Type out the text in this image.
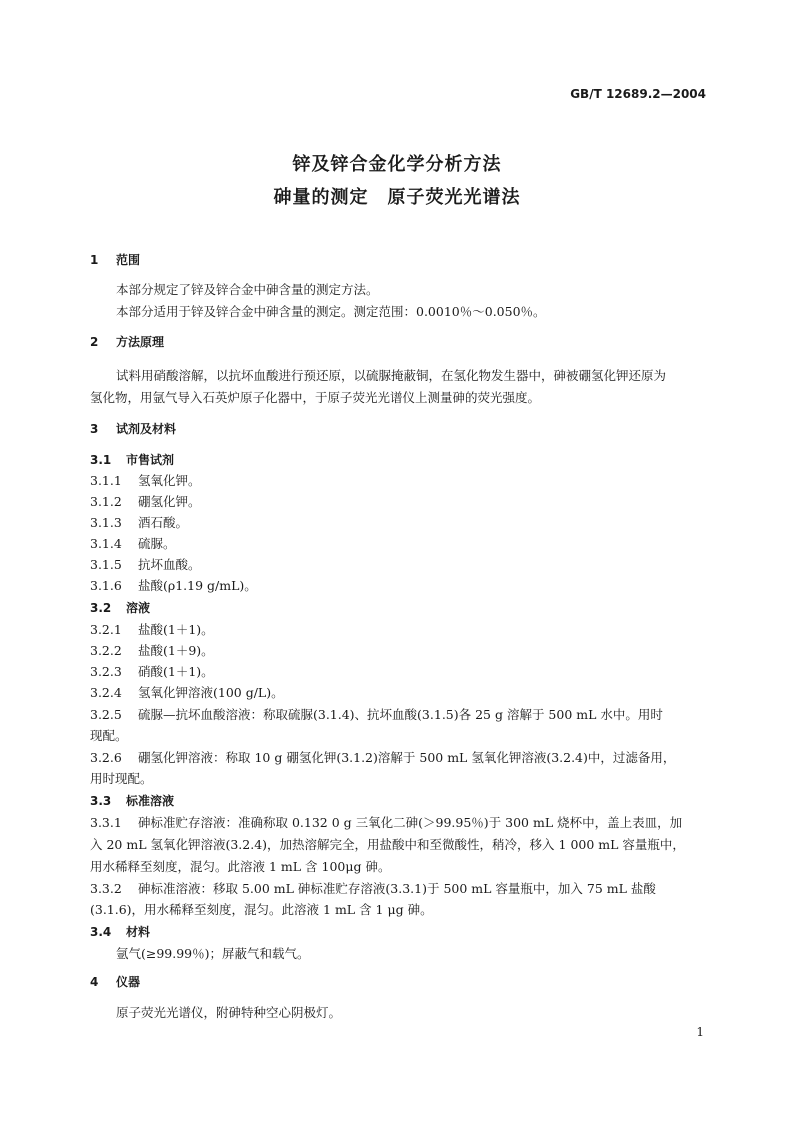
GB/T 12689.2—2004
锌及锌合金化学分析方法
砷量的测定　原子荧光光谱法
1 范围
本部分规定了锌及锌合金中砷含量的测定方法。
本部分适用于锌及锌合金中砷含量的测定。测定范围：0.0010％～0.050％。
2 方法原理
试料用硝酸溶解，以抗坏血酸进行预还原，以硫脲掩蔽铜，在氢化物发生器中，砷被硼氢化钾还原为
氢化物，用氩气导入石英炉原子化器中，于原子荧光光谱仪上测量砷的荧光强度。
3 试剂及材料
3.1 市售试剂
3.1.1 氢氧化钾。
3.1.2 硼氢化钾。
3.1.3 酒石酸。
3.1.4 硫脲。
3.1.5 抗坏血酸。
3.1.6 盐酸(ρ1.19 g/mL)。
3.2 溶液
3.2.1 盐酸(1＋1)。
3.2.2 盐酸(1＋9)。
3.2.3 硝酸(1＋1)。
3.2.4 氢氧化钾溶液(100 g/L)。
3.2.5 硫脲—抗坏血酸溶液：称取硫脲(3.1.4)、抗坏血酸(3.1.5)各 25 g 溶解于 500 mL 水中。用时
现配。
3.2.6 硼氢化钾溶液：称取 10 g 硼氢化钾(3.1.2)溶解于 500 mL 氢氧化钾溶液(3.2.4)中，过滤备用，
用时现配。
3.3 标准溶液
3.3.1 砷标准贮存溶液：准确称取 0.132 0 g 三氧化二砷(＞99.95％)于 300 mL 烧杯中，盖上表皿，加
入 20 mL 氢氧化钾溶液(3.2.4)，加热溶解完全，用盐酸中和至微酸性，稍冷，移入 1 000 mL 容量瓶中，
用水稀释至刻度，混匀。此溶液 1 mL 含 100μg 砷。
3.3.2 砷标准溶液：移取 5.00 mL 砷标准贮存溶液(3.3.1)于 500 mL 容量瓶中，加入 75 mL 盐酸
(3.1.6)，用水稀释至刻度，混匀。此溶液 1 mL 含 1 μg 砷。
3.4 材料
氩气(≥99.99％)；屏蔽气和载气。
4 仪器
原子荧光光谱仪，附砷特种空心阴极灯。
1
